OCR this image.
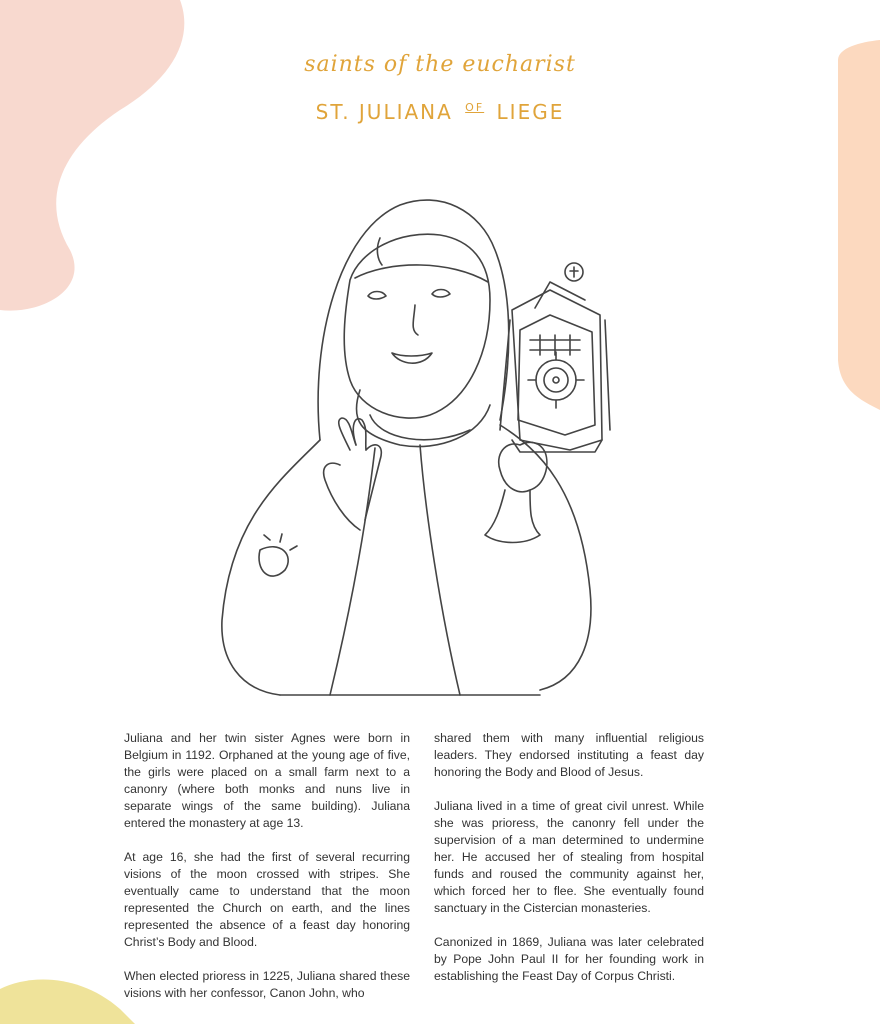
saints of the eucharist
ST. JULIANA $^{OF}$ LIEGE

Juliana and her twin sister Agnes were born in Belgium in 1192. Orphaned at the young age of five, the girls were placed on a small farm next to a canonry (where both monks and nuns live in separate wings of the same building). Juliana entered the monastery at age 13.

At age 16, she had the first of several recurring visions of the moon crossed with stripes. She eventually came to understand that the moon represented the Church on earth, and the lines represented the absence of a feast day honoring Christ’s Body and Blood.

When elected prioress in 1225, Juliana shared these visions with her confessor, Canon John, who

shared them with many influential religious leaders. They endorsed instituting a feast day honoring the Body and Blood of Jesus.

Juliana lived in a time of great civil unrest. While she was prioress, the canonry fell under the supervision of a man determined to undermine her. He accused her of stealing from hospital funds and roused the community against her, which forced her to flee. She eventually found sanctuary in the Cistercian monasteries.

Canonized in 1869, Juliana was later celebrated by Pope John Paul II for her founding work in establishing the Feast Day of Corpus Christi.
